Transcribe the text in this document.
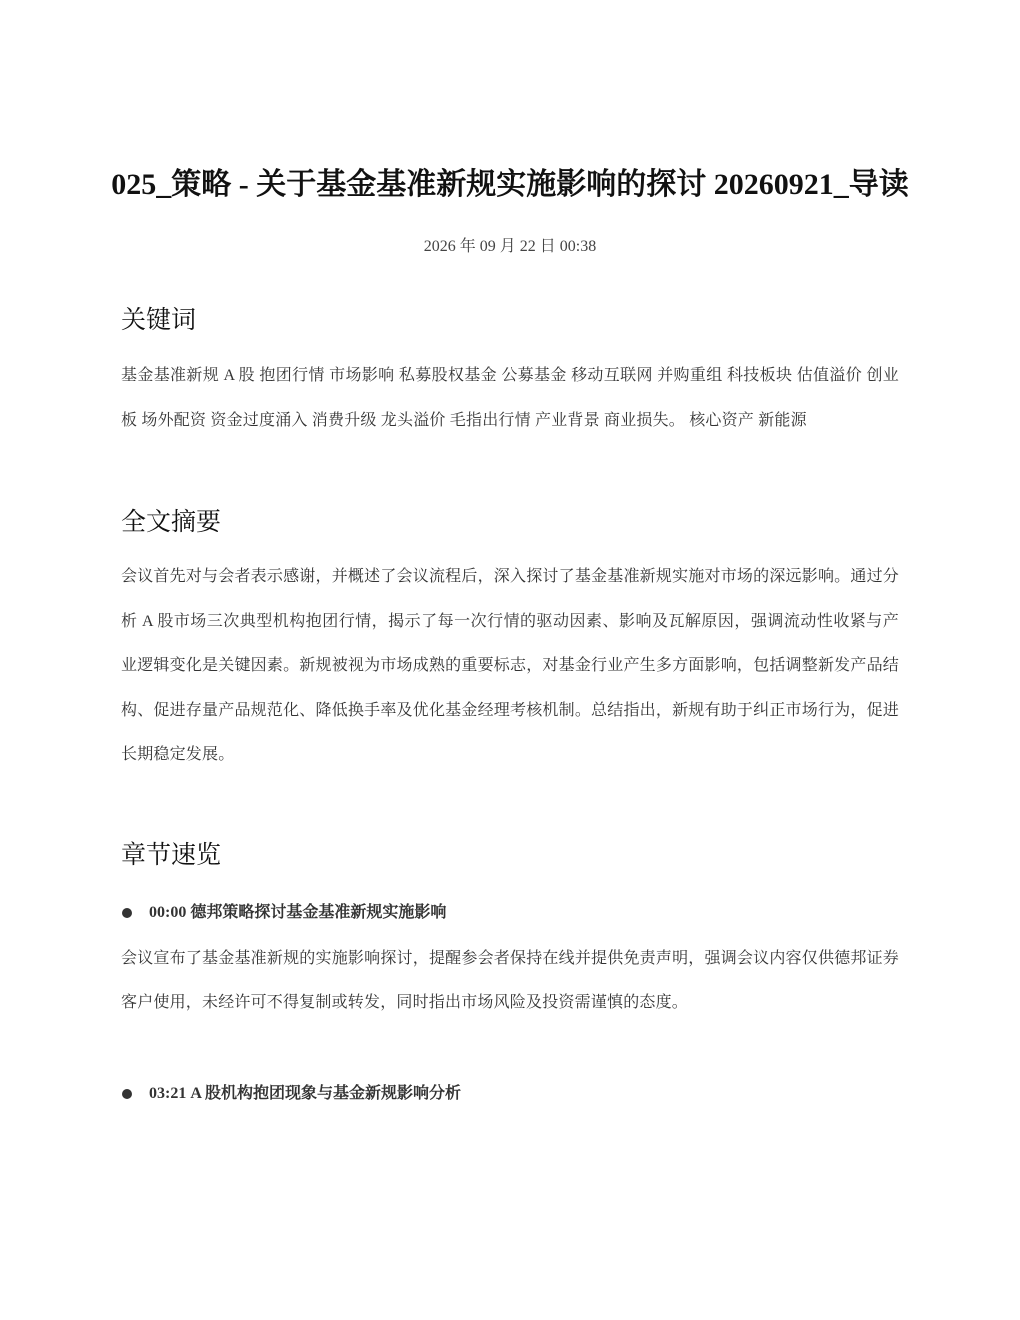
025_策略 - 关于基金基准新规实施影响的探讨 20260921_导读
2026 年 09 月 22 日 00:38
关键词

基金基准新规 A 股 抱团行情 市场影响 私募股权基金 公募基金 移动互联网 并购重组 科技板块 估值溢价 创业板 场外配资 资金过度涌入 消费升级 龙头溢价 毛指出行情 产业背景 商业损失。 核心资产 新能源

全文摘要

会议首先对与会者表示感谢，并概述了会议流程后，深入探讨了基金基准新规实施对市场的深远影响。通过分析 A 股市场三次典型机构抱团行情，揭示了每一次行情的驱动因素、影响及瓦解原因，强调流动性收紧与产业逻辑变化是关键因素。新规被视为市场成熟的重要标志，对基金行业产生多方面影响，包括调整新发产品结构、促进存量产品规范化、降低换手率及优化基金经理考核机制。总结指出，新规有助于纠正市场行为，促进长期稳定发展。

章节速览
00:00 德邦策略探讨基金基准新规实施影响

会议宣布了基金基准新规的实施影响探讨，提醒参会者保持在线并提供免责声明，强调会议内容仅供德邦证券客户使用，未经许可不得复制或转发，同时指出市场风险及投资需谨慎的态度。

03:21 A 股机构抱团现象与基金新规影响分析
